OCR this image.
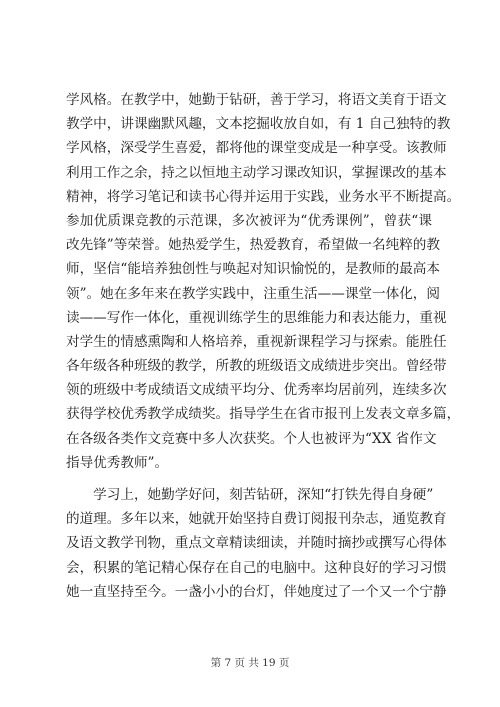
学风格。在教学中，她勤于钻研，善于学习，将语文美育于语文
教学中，讲课幽默风趣，文本挖掘收放自如，有 1 自己独特的教
学风格，深受学生喜爱，都将他的课堂变成是一种享受。该教师
利用工作之余，持之以恒地主动学习课改知识，掌握课改的基本
精神，将学习笔记和读书心得并运用于实践，业务水平不断提高。
参加优质课竞教的示范课，多次被评为“优秀课例”，曾获“课
改先锋”等荣誉。她热爱学生，热爱教育，希望做一名纯粹的教
师，坚信“能培养独创性与唤起对知识愉悦的，是教师的最高本
领”。她在多年来在教学实践中，注重生活——课堂一体化，阅
读——写作一体化，重视训练学生的思维能力和表达能力，重视
对学生的情感熏陶和人格培养，重视新课程学习与探索。能胜任
各年级各种班级的教学，所教的班级语文成绩进步突出。曾经带
领的班级中考成绩语文成绩平均分、优秀率均居前列，连续多次
获得学校优秀教学成绩奖。指导学生在省市报刊上发表文章多篇，
在各级各类作文竞赛中多人次获奖。个人也被评为“XX 省作文
指导优秀教师”。
　　学习上，她勤学好问，刻苦钻研，深知“打铁先得自身硬”
的道理。多年以来，她就开始坚持自费订阅报刊杂志，通览教育
及语文教学刊物，重点文章精读细读，并随时摘抄或撰写心得体
会，积累的笔记精心保存在自己的电脑中。这种良好的学习习惯
她一直坚持至今。一盏小小的台灯，伴她度过了一个又一个宁静
第 7 页 共 19 页
